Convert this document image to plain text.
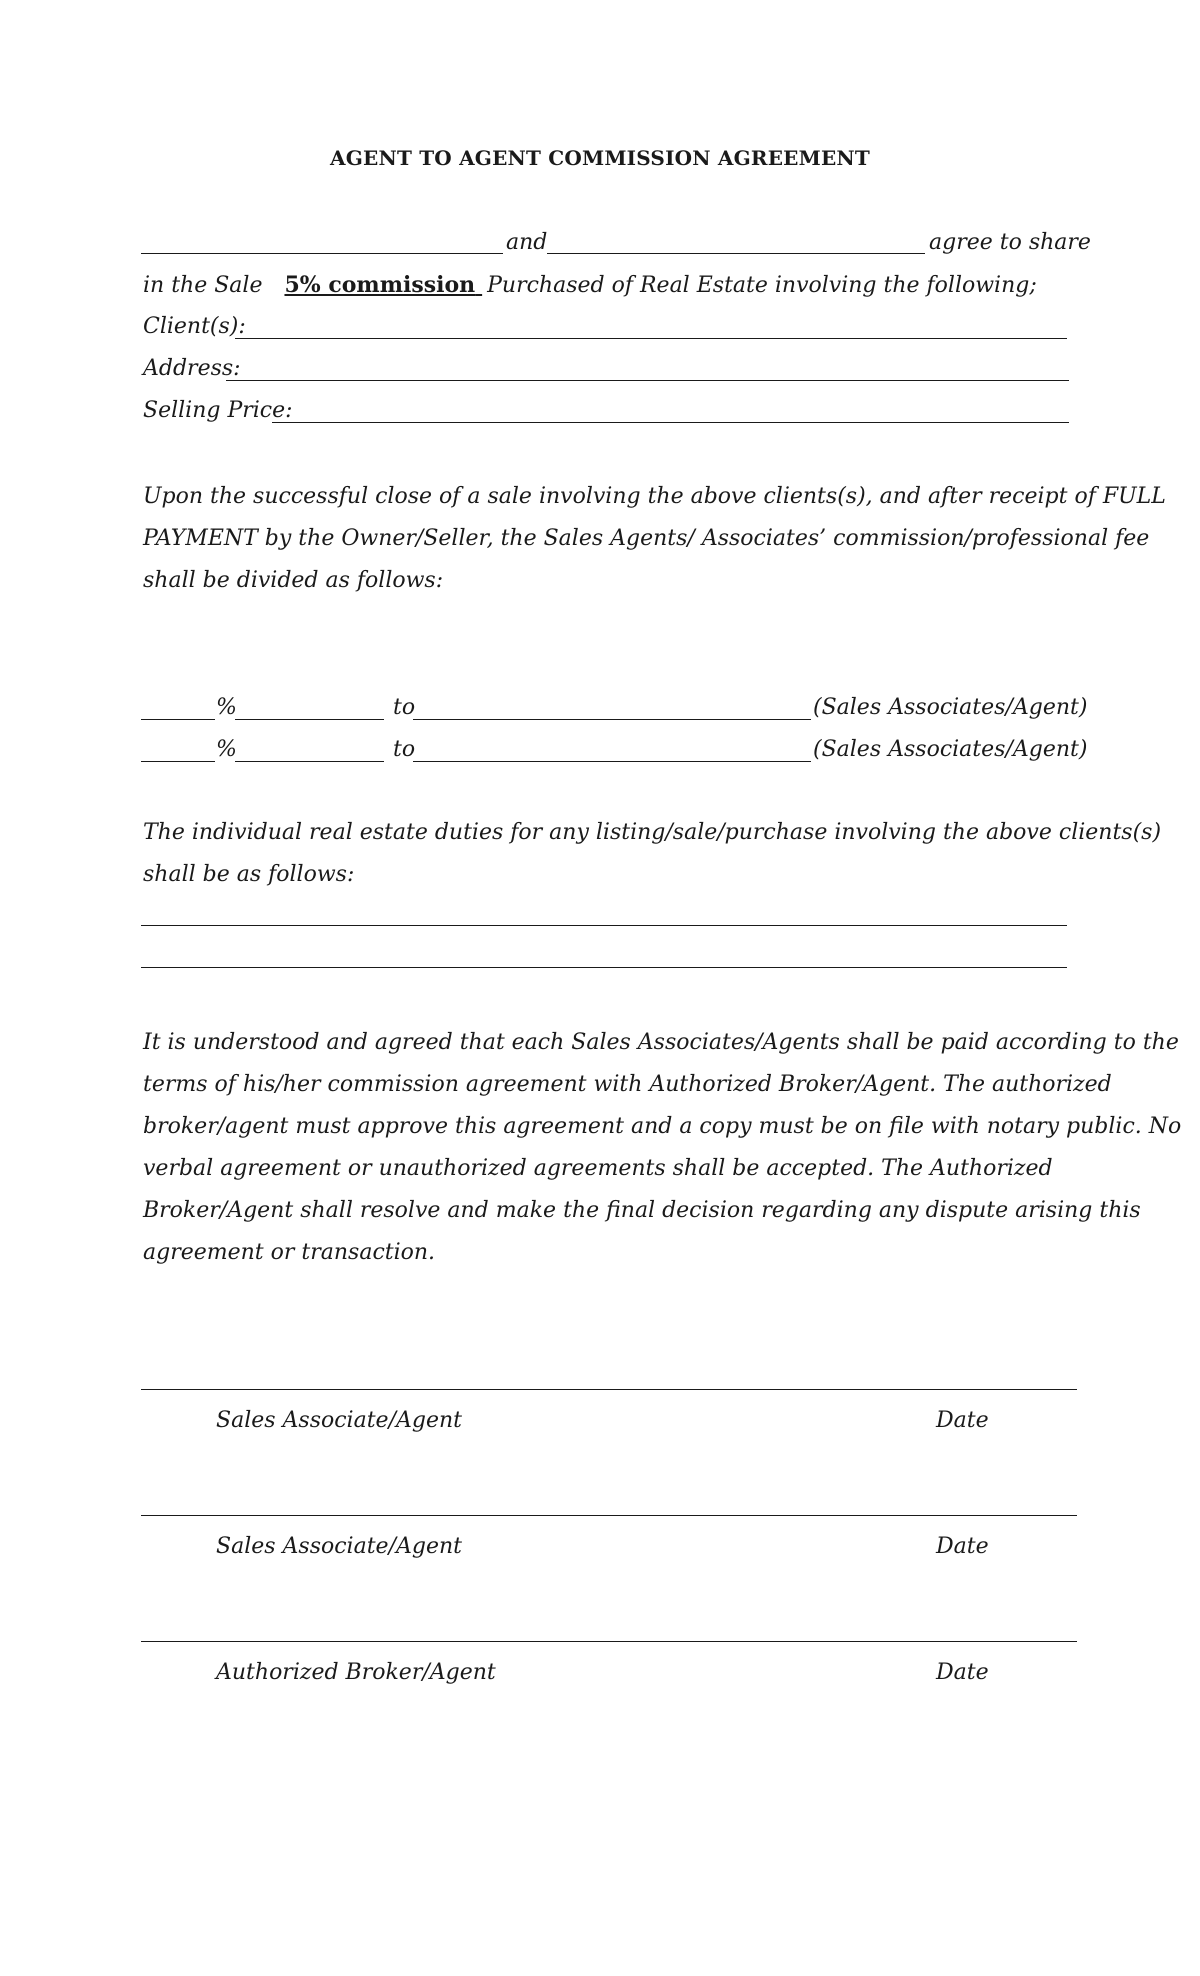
AGENT TO AGENT COMMISSION AGREEMENT
and	agree to share
in the Sale 5% commission Purchased of Real Estate involving the following;
Client(s):
Address:
Selling Price:
Upon the successful close of a sale involving the above clients(s), and after receipt of FULL
PAYMENT by the Owner/Seller, the Sales Agents/ Associates’ commission/professional fee
shall be divided as follows:
%	to	(Sales Associates/Agent)
%	to	(Sales Associates/Agent)
The individual real estate duties for any listing/sale/purchase involving the above clients(s)
shall be as follows:
It is understood and agreed that each Sales Associates/Agents shall be paid according to the
terms of his/her commission agreement with Authorized Broker/Agent. The authorized
broker/agent must approve this agreement and a copy must be on file with notary public. No
verbal agreement or unauthorized agreements shall be accepted. The Authorized
Broker/Agent shall resolve and make the final decision regarding any dispute arising this
agreement or transaction.
Sales Associate/Agent	Date
Sales Associate/Agent	Date
Authorized Broker/Agent	Date
